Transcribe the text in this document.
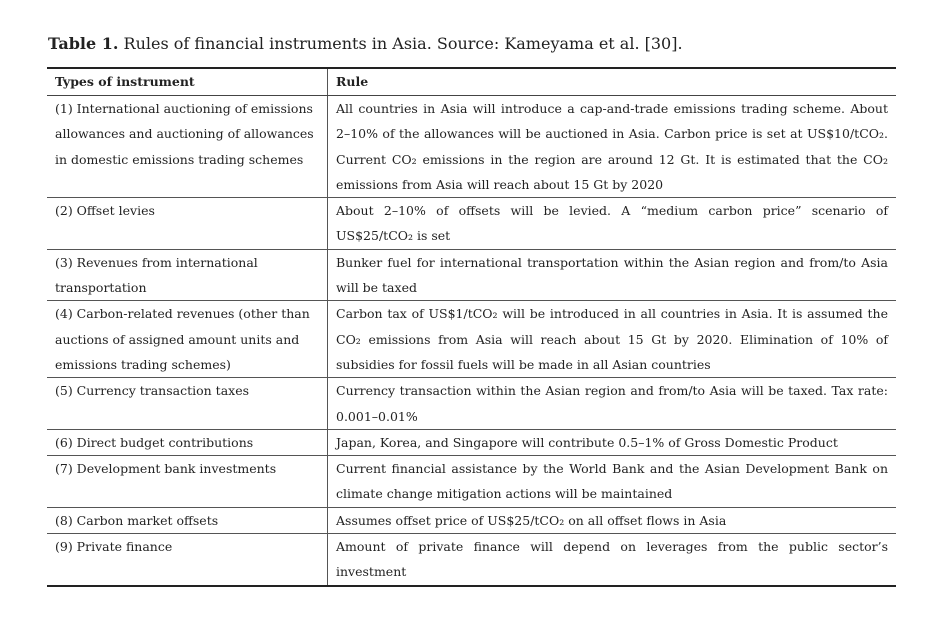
Table 1. Rules of financial instruments in Asia. Source: Kameyama et al. [30].
Types of instrument	Rule
(1) International auctioning of emissions allowances and auctioning of allowances in domestic emissions trading schemes	All countries in Asia will introduce a cap-and-trade emissions trading scheme. About 2–10% of the allowances will be auctioned in Asia. Carbon price is set at US$10/tCO₂. Current CO₂ emissions in the region are around 12 Gt. It is estimated that the CO₂ emissions from Asia will reach about 15 Gt by 2020
(2) Offset levies	About 2–10% of offsets will be levied. A “medium carbon price” scenario of US$25/tCO₂ is set
(3) Revenues from international transportation	Bunker fuel for international transportation within the Asian region and from/to Asia will be taxed
(4) Carbon-related revenues (other than auctions of assigned amount units and emissions trading schemes)	Carbon tax of US$1/tCO₂ will be introduced in all countries in Asia. It is assumed the CO₂ emissions from Asia will reach about 15 Gt by 2020. Elimination of 10% of subsidies for fossil fuels will be made in all Asian countries
(5) Currency transaction taxes	Currency transaction within the Asian region and from/to Asia will be taxed. Tax rate: 0.001–0.01%
(6) Direct budget contributions	Japan, Korea, and Singapore will contribute 0.5–1% of Gross Domestic Product
(7) Development bank investments	Current financial assistance by the World Bank and the Asian Development Bank on climate change mitigation actions will be maintained
(8) Carbon market offsets	Assumes offset price of US$25/tCO₂ on all offset flows in Asia
(9) Private finance	Amount of private finance will depend on leverages from the public sector’s investment
